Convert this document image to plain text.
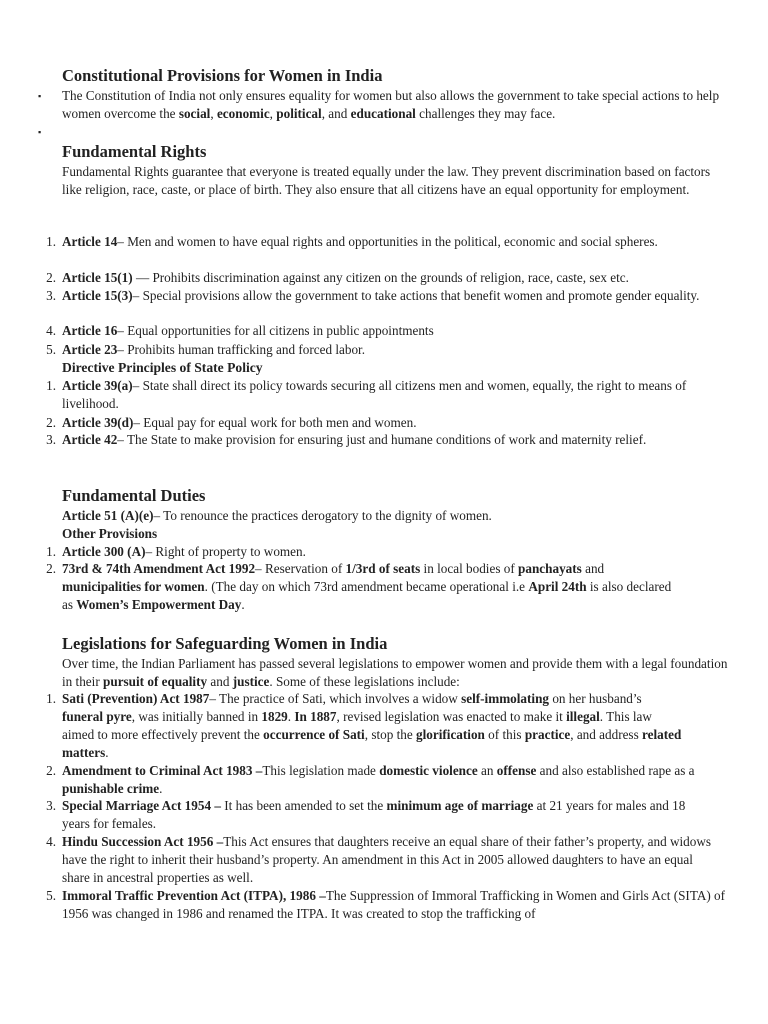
Constitutional Provisions for Women in India
▪ The Constitution of India not only ensures equality for women but also allows the government to take special actions to help women overcome the social, economic, political, and educational challenges they may face.
▪
Fundamental Rights
Fundamental Rights guarantee that everyone is treated equally under the law. They prevent discrimination based on factors like religion, race, caste, or place of birth. They also ensure that all citizens have an equal opportunity for employment.
1. Article 14– Men and women to have equal rights and opportunities in the political, economic and social spheres.
2. Article 15(1) — Prohibits discrimination against any citizen on the grounds of religion, race, caste, sex etc.
3. Article 15(3)– Special provisions allow the government to take actions that benefit women and promote gender equality.
4. Article 16– Equal opportunities for all citizens in public appointments
5. Article 23– Prohibits human trafficking and forced labor.
Directive Principles of State Policy
1. Article 39(a)– State shall direct its policy towards securing all citizens men and women, equally, the right to means of livelihood.
2. Article 39(d)– Equal pay for equal work for both men and women.
3. Article 42– The State to make provision for ensuring just and humane conditions of work and maternity relief.
Fundamental Duties
Article 51 (A)(e)– To renounce the practices derogatory to the dignity of women.
Other Provisions
1. Article 300 (A)– Right of property to women.
2. 73rd & 74th Amendment Act 1992– Reservation of 1/3rd of seats in local bodies of panchayats and municipalities for women. (The day on which 73rd amendment became operational i.e April 24th is also declared as Women’s Empowerment Day.
Legislations for Safeguarding Women in India
Over time, the Indian Parliament has passed several legislations to empower women and provide them with a legal foundation in their pursuit of equality and justice. Some of these legislations include:
1. Sati (Prevention) Act 1987– The practice of Sati, which involves a widow self-immolating on her husband’s funeral pyre, was initially banned in 1829. In 1887, revised legislation was enacted to make it illegal. This law aimed to more effectively prevent the occurrence of Sati, stop the glorification of this practice, and address related matters.
2. Amendment to Criminal Act 1983 –This legislation made domestic violence an offense and also established rape as a punishable crime.
3. Special Marriage Act 1954 – It has been amended to set the minimum age of marriage at 21 years for males and 18 years for females.
4. Hindu Succession Act 1956 –This Act ensures that daughters receive an equal share of their father’s property, and widows have the right to inherit their husband’s property. An amendment in this Act in 2005 allowed daughters to have an equal share in ancestral properties as well.
5. Immoral Traffic Prevention Act (ITPA), 1986 –The Suppression of Immoral Trafficking in Women and Girls Act (SITA) of 1956 was changed in 1986 and renamed the ITPA. It was created to stop the trafficking of
